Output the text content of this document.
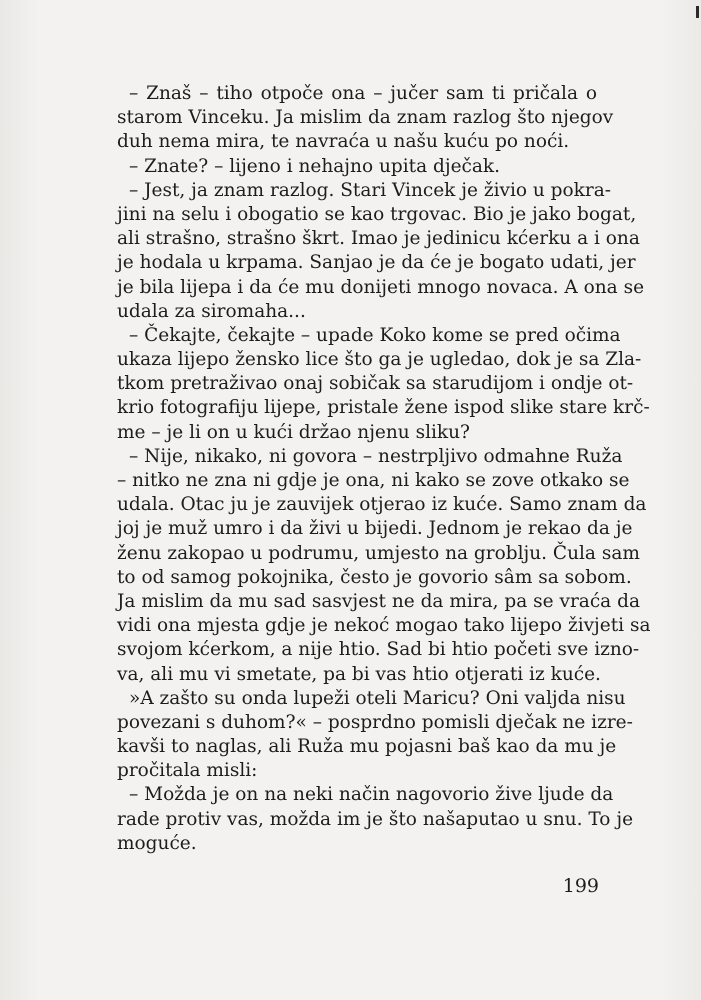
– Znaš – tiho otpoče ona – jučer sam ti pričala o
starom Vinceku. Ja mislim da znam razlog što njegov
duh nema mira, te navraća u našu kuću po noći.
– Znate? – lijeno i nehajno upita dječak.
– Jest, ja znam razlog. Stari Vincek je živio u pokra-
jini na selu i obogatio se kao trgovac. Bio je jako bogat,
ali strašno, strašno škrt. Imao je jedinicu kćerku a i ona
je hodala u krpama. Sanjao je da će je bogato udati, jer
je bila lijepa i da će mu donijeti mnogo novaca. A ona se
udala za siromaha...
– Čekajte, čekajte – upade Koko kome se pred očima
ukaza lijepo žensko lice što ga je ugledao, dok je sa Zla-
tkom pretraživao onaj sobičak sa starudijom i ondje ot-
krio fotografiju lijepe, pristale žene ispod slike stare krč-
me – je li on u kući držao njenu sliku?
– Nije, nikako, ni govora – nestrpljivo odmahne Ruža
– nitko ne zna ni gdje je ona, ni kako se zove otkako se
udala. Otac ju je zauvijek otjerao iz kuće. Samo znam da
joj je muž umro i da živi u bijedi. Jednom je rekao da je
ženu zakopao u podrumu, umjesto na groblju. Čula sam
to od samog pokojnika, često je govorio sâm sa sobom.
Ja mislim da mu sad sasvjest ne da mira, pa se vraća da
vidi ona mjesta gdje je nekoć mogao tako lijepo živjeti sa
svojom kćerkom, a nije htio. Sad bi htio početi sve izno-
va, ali mu vi smetate, pa bi vas htio otjerati iz kuće.
»A zašto su onda lupeži oteli Maricu? Oni valjda nisu
povezani s duhom?« – posprdno pomisli dječak ne izre-
kavši to naglas, ali Ruža mu pojasni baš kao da mu je
pročitala misli:
– Možda je on na neki način nagovorio žive ljude da
rade protiv vas, možda im je što našaputao u snu. To je
moguće.
199
